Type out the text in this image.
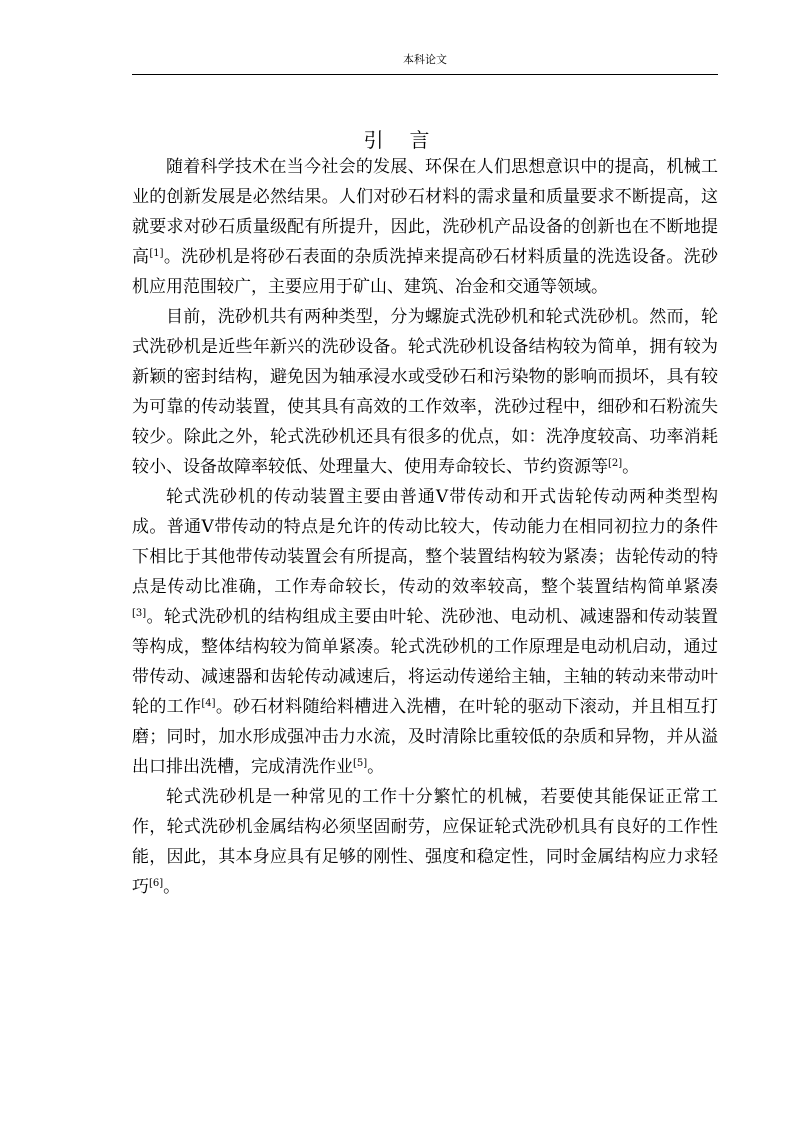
本科论文
引言

随着科学技术在当今社会的发展、环保在人们思想意识中的提高，机械工业的创新发展是必然结果。人们对砂石材料的需求量和质量要求不断提高，这就要求对砂石质量级配有所提升，因此，洗砂机产品设备的创新也在不断地提高[1]。洗砂机是将砂石表面的杂质洗掉来提高砂石材料质量的洗选设备。洗砂机应用范围较广，主要应用于矿山、建筑、冶金和交通等领域。

目前，洗砂机共有两种类型，分为螺旋式洗砂机和轮式洗砂机。然而，轮式洗砂机是近些年新兴的洗砂设备。轮式洗砂机设备结构较为简单，拥有较为新颖的密封结构，避免因为轴承浸水或受砂石和污染物的影响而损坏，具有较为可靠的传动装置，使其具有高效的工作效率，洗砂过程中，细砂和石粉流失较少。除此之外，轮式洗砂机还具有很多的优点，如：洗净度较高、功率消耗较小、设备故障率较低、处理量大、使用寿命较长、节约资源等[2]。

轮式洗砂机的传动装置主要由普通V带传动和开式齿轮传动两种类型构成。普通V带传动的特点是允许的传动比较大，传动能力在相同初拉力的条件下相比于其他带传动装置会有所提高，整个装置结构较为紧凑；齿轮传动的特点是传动比准确，工作寿命较长，传动的效率较高，整个装置结构简单紧凑[3]。轮式洗砂机的结构组成主要由叶轮、洗砂池、电动机、减速器和传动装置等构成，整体结构较为简单紧凑。轮式洗砂机的工作原理是电动机启动，通过带传动、减速器和齿轮传动减速后，将运动传递给主轴，主轴的转动来带动叶轮的工作[4]。砂石材料随给料槽进入洗槽，在叶轮的驱动下滚动，并且相互打磨；同时，加水形成强冲击力水流，及时清除比重较低的杂质和异物，并从溢出口排出洗槽，完成清洗作业[5]。

轮式洗砂机是一种常见的工作十分繁忙的机械，若要使其能保证正常工作，轮式洗砂机金属结构必须坚固耐劳，应保证轮式洗砂机具有良好的工作性能，因此，其本身应具有足够的刚性、强度和稳定性，同时金属结构应力求轻巧[6]。
